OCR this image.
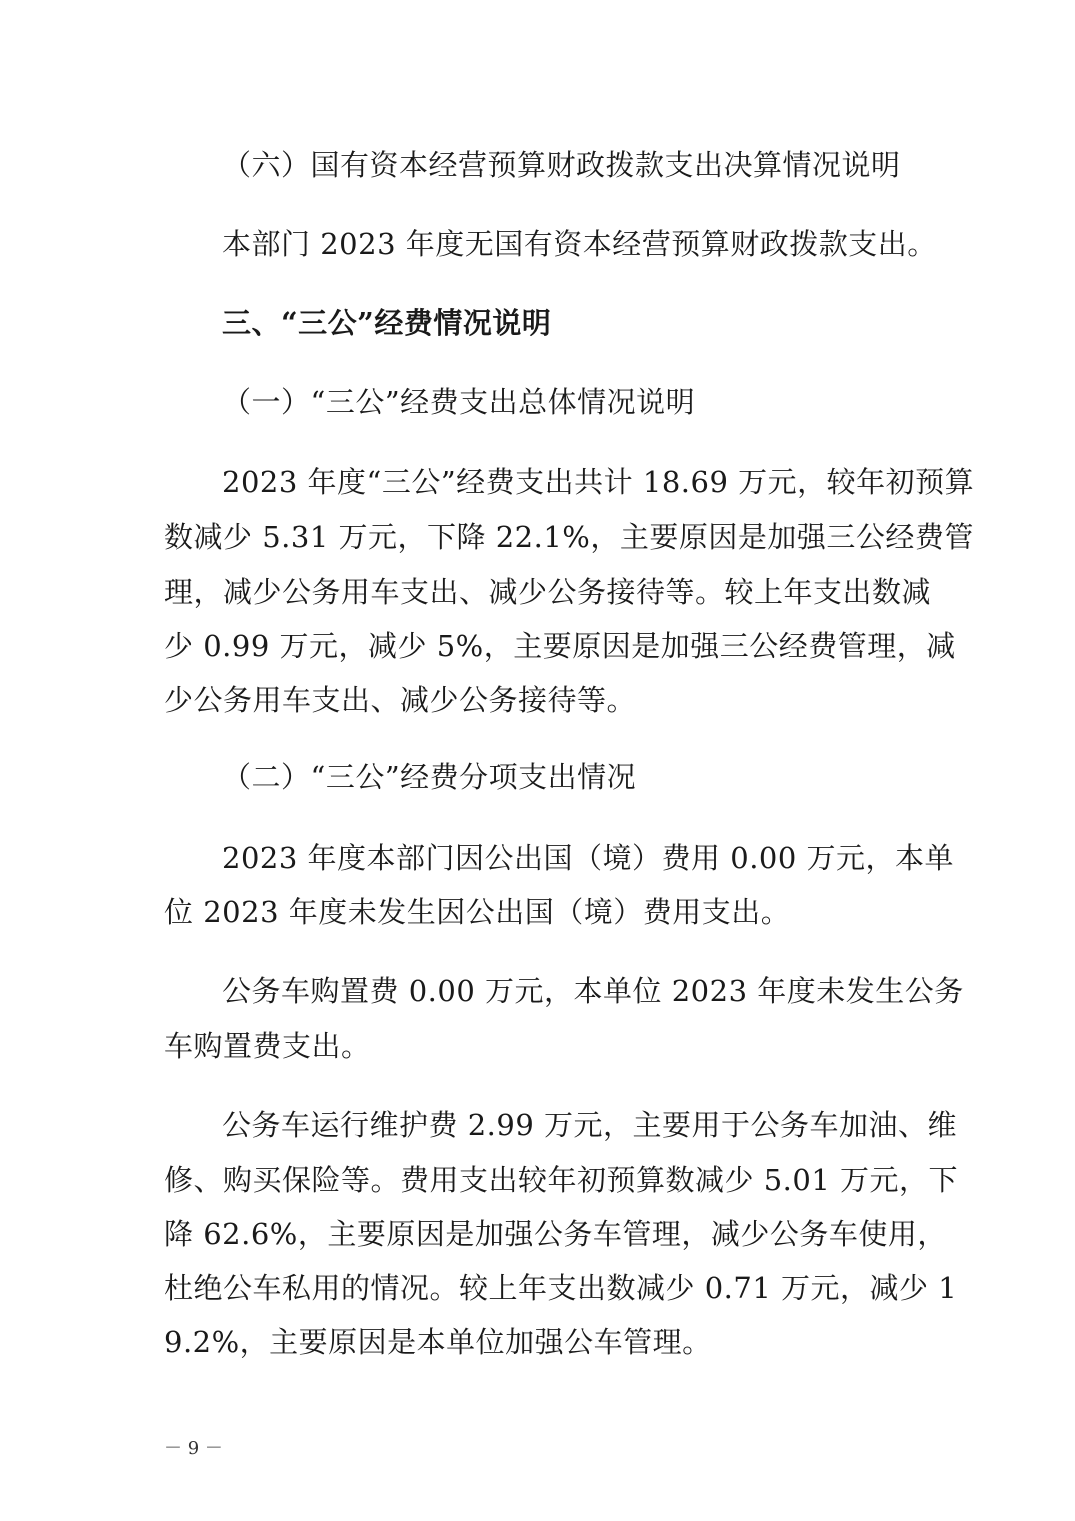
（六）国有资本经营预算财政拨款支出决算情况说明
本部门 2023 年度无国有资本经营预算财政拨款支出。
三、“三公”经费情况说明
（一）“三公”经费支出总体情况说明
2023 年度“三公”经费支出共计 18.69 万元，较年初预算
数减少 5.31 万元，下降 22.1%，主要原因是加强三公经费管
理，减少公务用车支出、减少公务接待等。较上年支出数减
少 0.99 万元，减少 5%，主要原因是加强三公经费管理，减
少公务用车支出、减少公务接待等。
（二）“三公”经费分项支出情况
2023 年度本部门因公出国（境）费用 0.00 万元，本单
位 2023 年度未发生因公出国（境）费用支出。
公务车购置费 0.00 万元，本单位 2023 年度未发生公务
车购置费支出。
公务车运行维护费 2.99 万元，主要用于公务车加油、维
修、购买保险等。费用支出较年初预算数减少 5.01 万元，下
降 62.6%，主要原因是加强公务车管理，减少公务车使用，
杜绝公车私用的情况。较上年支出数减少 0.71 万元，减少 1
9.2%，主要原因是本单位加强公车管理。
－ 9 －
